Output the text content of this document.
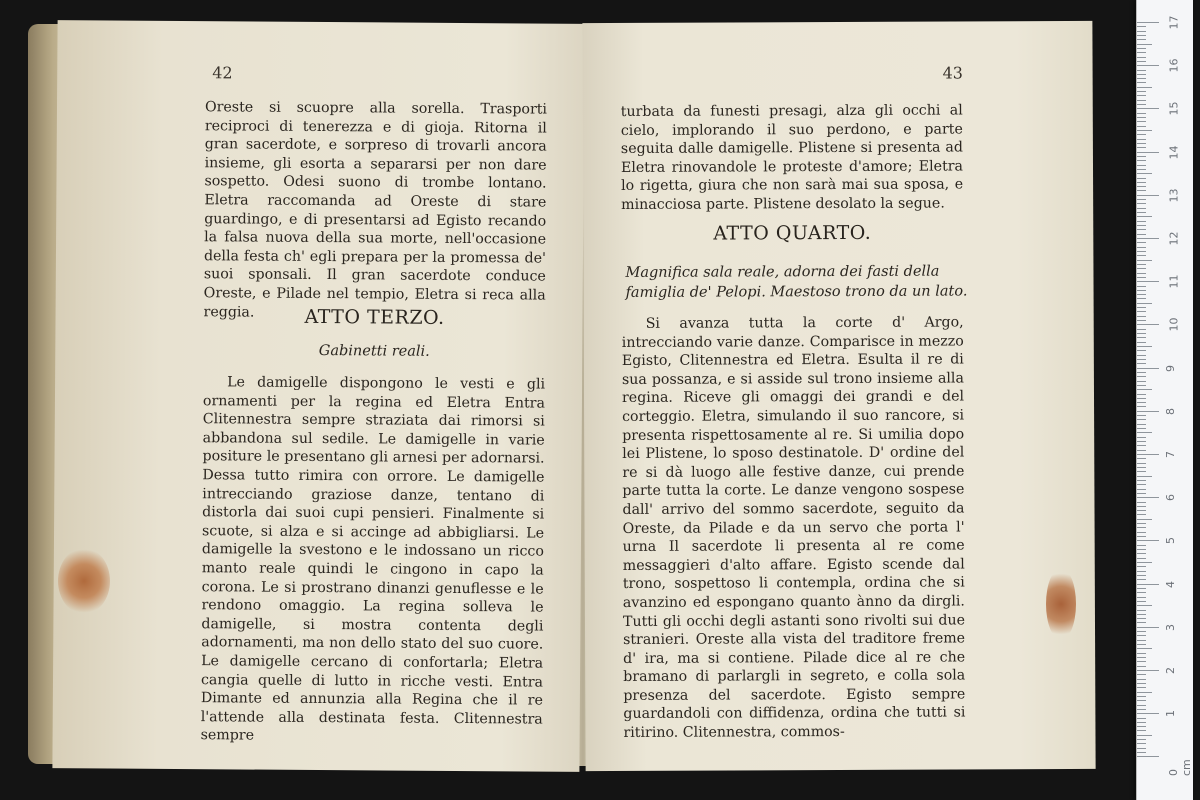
42

Oreste si scuopre alla sorella. Trasporti reciproci di tenerezza e di gioja. Ritorna il gran sacerdote, e sorpreso di trovarli ancora insieme, gli esorta a separarsi per non dare sospetto. Odesi suono di trombe lontano. Eletra raccomanda ad Oreste di stare guardingo, e di presentarsi ad Egisto recando la falsa nuova della sua morte, nell'occasione della festa ch' egli prepara per la promessa de' suoi sponsali. Il gran sacerdote conduce Oreste, e Pilade nel tempio, Eletra si reca alla reggia.	ATTO TERZO.
Gabinetti reali.

Le damigelle dispongono le vesti e gli ornamenti per la regina ed Eletra Entra Clitennestra sempre straziata dai rimorsi si abbandona sul sedile. Le damigelle in varie positure le presentano gli arnesi per adornarsi. Dessa tutto rimira con orrore. Le damigelle intrecciando graziose danze, tentano di distorla dai suoi cupi pensieri. Finalmente si scuote, si alza e si accinge ad abbigliarsi. Le damigelle la svestono e le indossano un ricco manto reale quindi le cingono in capo la corona. Le si prostrano dinanzi genuflesse e le rendono omaggio. La regina solleva le damigelle, si mostra contenta degli adornamenti, ma non dello stato del suo cuore. Le damigelle cercano di confortarla; Eletra cangia quelle di lutto in ricche vesti. Entra Dimante ed annunzia alla Regina che il re l'attende alla destinata festa. Clitennestra sempre

43

turbata da funesti presagi, alza gli occhi al cielo, implorando il suo perdono, e parte seguita dalle damigelle. Plistene si presenta ad Eletra rinovandole le proteste d'amore; Eletra lo rigetta, giura che non sarà mai sua sposa, e minacciosa parte. Plistene desolato la segue.

ATTO QUARTO.
Magnifica sala reale, adorna dei fasti della
famiglia de' Pelopi. Maestoso trono da un lato.

Si avanza tutta la corte d' Argo, intrecciando varie danze. Comparisce in mezzo Egisto, Clitennestra ed Eletra. Esulta il re di sua possanza, e si asside sul trono insieme alla regina. Riceve gli omaggi dei grandi e del corteggio. Eletra, simulando il suo rancore, si presenta rispettosamente al re. Si umilia dopo lei Plistene, lo sposo destinatole. D' ordine del re si dà luogo alle festive danze, cui prende parte tutta la corte. Le danze vengono sospese dall' arrivo del sommo sacerdote, seguito da Oreste, da Pilade e da un servo che porta l' urna Il sacerdote li presenta al re come messaggieri d'alto affare. Egisto scende dal trono, sospettoso li contempla, ordina che si avanzino ed espongano quanto ànno da dirgli. Tutti gli occhi degli astanti sono rivolti sui due stranieri. Oreste alla vista del traditore freme d' ira, ma si contiene. Pilade dice al re che bramano di parlargli in segreto, e colla sola presenza del sacerdote. Egisto sempre guardandoli con diffidenza, ordina che tutti si ritirino. Clitennestra, commos-

17
16
15
14
13
12
11
10
9
8
7
6
5
4
3
2
1
0 cm
